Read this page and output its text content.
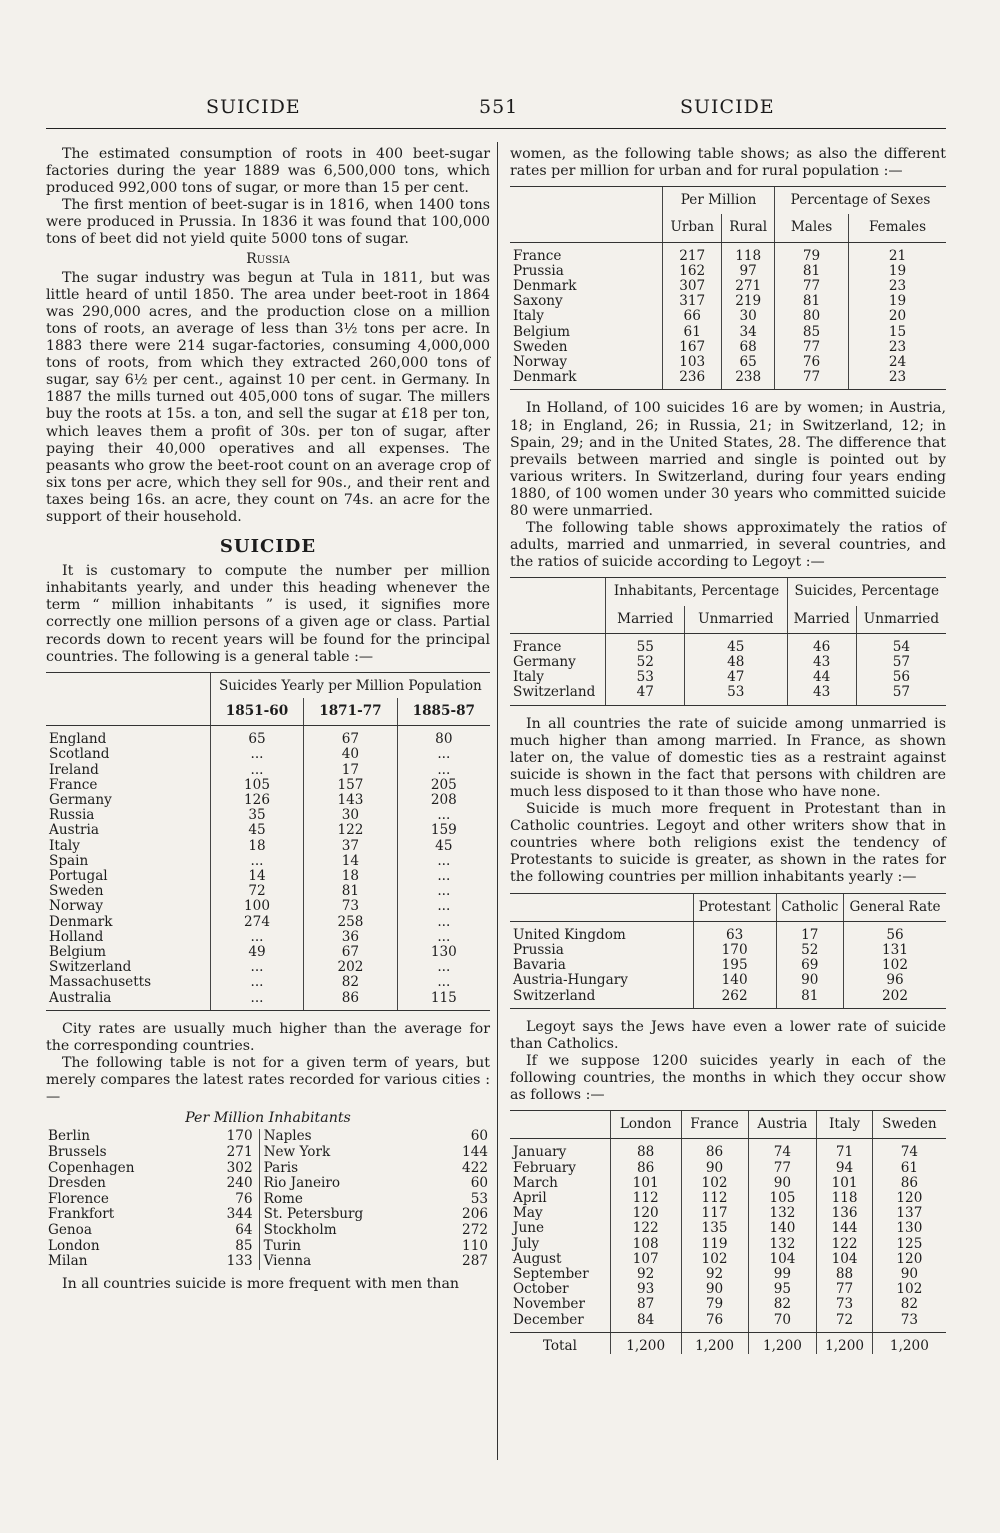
SUICIDE	551	SUICIDE

The estimated consumption of roots in 400 beet-sugar factories during the year 1889 was 6,500,000 tons, which produced 992,000 tons of sugar, or more than 15 per cent.

The first mention of beet-sugar is in 1816, when 1400 tons were produced in Prussia. In 1836 it was found that 100,000 tons of beet did not yield quite 5000 tons of sugar.

Russia

The sugar industry was begun at Tula in 1811, but was little heard of until 1850. The area under beet-root in 1864 was 290,000 acres, and the production close on a million tons of roots, an average of less than 3½ tons per acre. In 1883 there were 214 sugar-factories, consuming 4,000,000 tons of roots, from which they extracted 260,000 tons of sugar, say 6½ per cent., against 10 per cent. in Germany. In 1887 the mills turned out 405,000 tons of sugar. The millers buy the roots at 15s. a ton, and sell the sugar at £18 per ton, which leaves them a profit of 30s. per ton of sugar, after paying their 40,000 operatives and all expenses. The peasants who grow the beet-root count on an average crop of six tons per acre, which they sell for 90s., and their rent and taxes being 16s. an acre, they count on 74s. an acre for the support of their household.

SUICIDE

It is customary to compute the number per million inhabitants yearly, and under this heading whenever the term “ million inhabitants ” is used, it signifies more correctly one million persons of a given age or class. Partial records down to recent years will be found for the principal countries. The following is a general table :—

	Suicides Yearly per Million Population		
	1851-60	1871-77	1885-87
England	65	67	80
Scotland	...	40	...
Ireland	...	17	...
France	105	157	205
Germany	126	143	208
Russia	35	30	...
Austria	45	122	159
Italy	18	37	45
Spain	...	14	...
Portugal	14	18	...
Sweden	72	81	...
Norway	100	73	...
Denmark	274	258	...
Holland	...	36	...
Belgium	49	67	130
Switzerland	...	202	...
Massachusetts	...	82	...
Australia	...	86	115

City rates are usually much higher than the average for the corresponding countries.

The following table is not for a given term of years, but merely compares the latest rates recorded for various cities :—

Per Million Inhabitants
Berlin	170	Naples	60
Brussels	271	New York	144
Copenhagen	302	Paris	422
Dresden	240	Rio Janeiro	60
Florence	76	Rome	53
Frankfort	344	St. Petersburg	206
Genoa	64	Stockholm	272
London	85	Turin	110
Milan	133	Vienna	287

In all countries suicide is more frequent with men than

women, as the following table shows; as also the different rates per million for urban and for rural population :—

	Per Million		Percentage of Sexes	
	Urban	Rural	Males	Females
France	217	118	79	21
Prussia	162	97	81	19
Denmark	307	271	77	23
Saxony	317	219	81	19
Italy	66	30	80	20
Belgium	61	34	85	15
Sweden	167	68	77	23
Norway	103	65	76	24
Denmark	236	238	77	23

In Holland, of 100 suicides 16 are by women; in Austria, 18; in England, 26; in Russia, 21; in Switzerland, 12; in Spain, 29; and in the United States, 28. The difference that prevails between married and single is pointed out by various writers. In Switzerland, during four years ending 1880, of 100 women under 30 years who committed suicide 80 were unmarried.

The following table shows approximately the ratios of adults, married and unmarried, in several countries, and the ratios of suicide according to Legoyt :—

	Inhabitants, Percentage		Suicides, Percentage	
	Married	Unmarried	Married	Unmarried
France	55	45	46	54
Germany	52	48	43	57
Italy	53	47	44	56
Switzerland	47	53	43	57

In all countries the rate of suicide among unmarried is much higher than among married. In France, as shown later on, the value of domestic ties as a restraint against suicide is shown in the fact that persons with children are much less disposed to it than those who have none.

Suicide is much more frequent in Protestant than in Catholic countries. Legoyt and other writers show that in countries where both religions exist the tendency of Protestants to suicide is greater, as shown in the rates for the following countries per million inhabitants yearly :—

	Protestant	Catholic	General Rate
United Kingdom	63	17	56
Prussia	170	52	131
Bavaria	195	69	102
Austria-Hungary	140	90	96
Switzerland	262	81	202

Legoyt says the Jews have even a lower rate of suicide than Catholics.

If we suppose 1200 suicides yearly in each of the following countries, the months in which they occur show as follows :—

	London	France	Austria	Italy	Sweden
January	88	86	74	71	74
February	86	90	77	94	61
March	101	102	90	101	86
April	112	112	105	118	120
May	120	117	132	136	137
June	122	135	140	144	130
July	108	119	132	122	125
August	107	102	104	104	120
September	92	92	99	88	90
October	93	90	95	77	102
November	87	79	82	73	82
December	84	76	70	72	73
Total	1,200	1,200	1,200	1,200	1,200
